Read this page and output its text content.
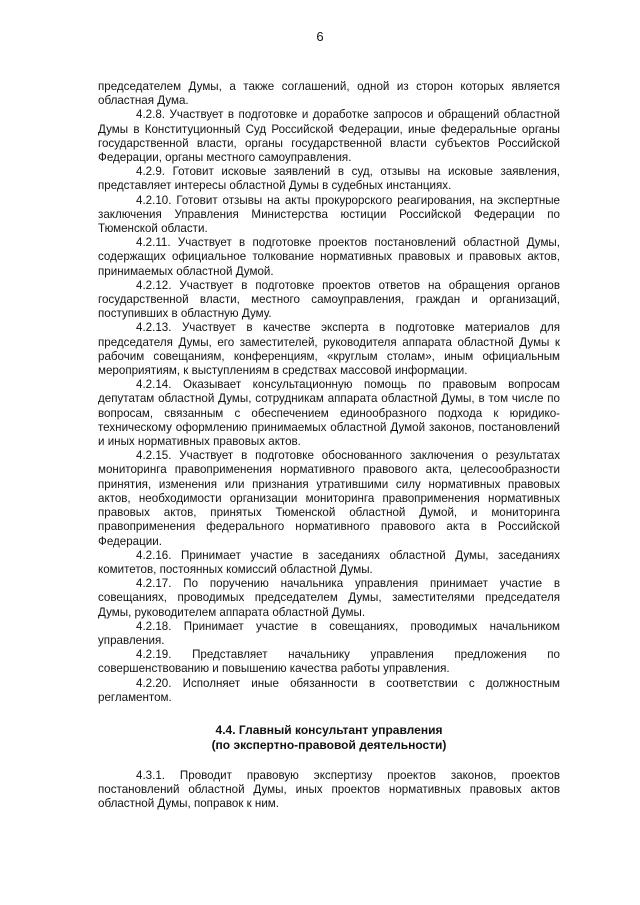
6

председателем Думы, а также соглашений, одной из сторон которых является областная Дума.

4.2.8. Участвует в подготовке и доработке запросов и обращений областной Думы в Конституционный Суд Российской Федерации, иные федеральные органы государственной власти, органы государственной власти субъектов Российской Федерации, органы местного самоуправления.

4.2.9. Готовит исковые заявлений в суд, отзывы на исковые заявления, представляет интересы областной Думы в судебных инстанциях.

4.2.10. Готовит отзывы на акты прокурорского реагирования, на экспертные заключения Управления Министерства юстиции Российской Федерации по Тюменской области.

4.2.11. Участвует в подготовке проектов постановлений областной Думы, содержащих официальное толкование нормативных правовых и правовых актов, принимаемых областной Думой.

4.2.12. Участвует в подготовке проектов ответов на обращения органов государственной власти, местного самоуправления, граждан и организаций, поступивших в областную Думу.

4.2.13. Участвует в качестве эксперта в подготовке материалов для председателя Думы, его заместителей, руководителя аппарата областной Думы к рабочим совещаниям, конференциям, «круглым столам», иным официальным мероприятиям, к выступлениям в средствах массовой информации.

4.2.14. Оказывает консультационную помощь по правовым вопросам депутатам областной Думы, сотрудникам аппарата областной Думы, в том числе по вопросам, связанным с обеспечением единообразного подхода к юридико-техническому оформлению принимаемых областной Думой законов, постановлений и иных нормативных правовых актов.

4.2.15. Участвует в подготовке обоснованного заключения о результатах мониторинга правоприменения нормативного правового акта, целесообразности принятия, изменения или признания утратившими силу нормативных правовых актов, необходимости организации мониторинга правоприменения нормативных правовых актов, принятых Тюменской областной Думой, и мониторинга правоприменения федерального нормативного правового акта в Российской Федерации.

4.2.16. Принимает участие в заседаниях областной Думы, заседаниях комитетов, постоянных комиссий областной Думы.

4.2.17. По поручению начальника управления принимает участие в совещаниях, проводимых председателем Думы, заместителями председателя Думы, руководителем аппарата областной Думы.

4.2.18. Принимает участие в совещаниях, проводимых начальником управления.

4.2.19. Представляет начальнику управления предложения по совершенствованию и повышению качества работы управления.

4.2.20. Исполняет иные обязанности в соответствии с должностным регламентом.

4.4. Главный консультант управления
(по экспертно-правовой деятельности)

4.3.1. Проводит правовую экспертизу проектов законов, проектов постановлений областной Думы, иных проектов нормативных правовых актов областной Думы, поправок к ним.
